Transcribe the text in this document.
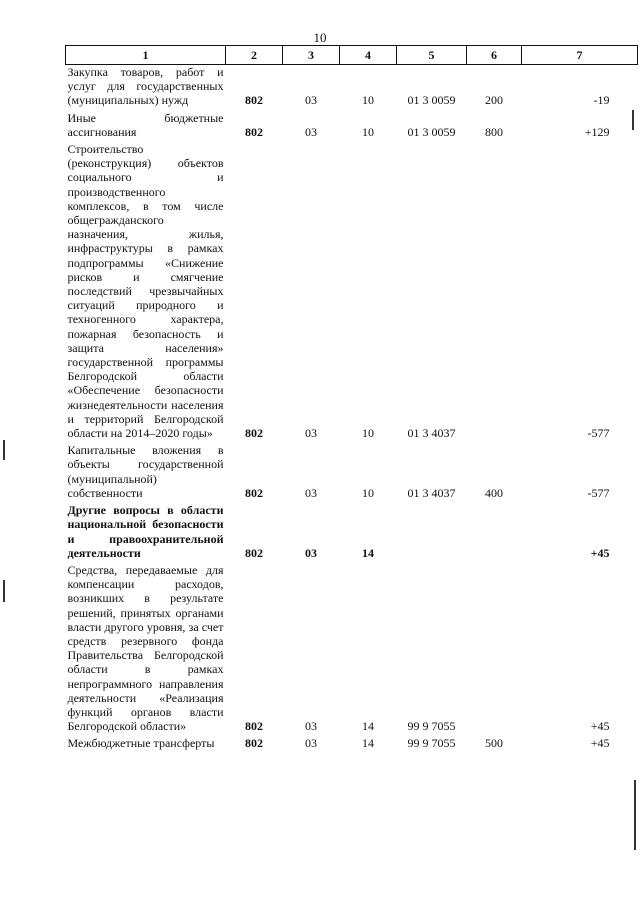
10
1	2	3	4	5	6	7
Закупка товаров, работ и услуг для государственных (муниципальных) нужд	802	03	10	01 3 0059	200	-19
Иные бюджетные ассигнования	802	03	10	01 3 0059	800	+129
Строительство (реконструкция) объектов социального и производственного комплексов, в том числе общегражданского назначения, жилья, инфраструктуры в рамках подпрограммы «Снижение рисков и смягчение последствий чрезвычайных ситуаций природного и техногенного характера, пожарная безопасность и защита населения» государственной программы Белгородской области «Обеспечение безопасности жизнедеятельности населения и территорий Белгородской области на 2014–2020 годы»	802	03	10	01 3 4037		-577
Капитальные вложения в объекты государственной (муниципальной) собственности	802	03	10	01 3 4037	400	-577
Другие вопросы в области национальной безопасности и правоохранительной деятельности	802	03	14			+45
Средства, передаваемые для компенсации расходов, возникших в результате решений, принятых органами власти другого уровня, за счет средств резервного фонда Правительства Белгородской области в рамках непрограммного направления деятельности «Реализация функций органов власти Белгородской области»	802	03	14	99 9 7055		+45
Межбюджетные трансферты	802	03	14	99 9 7055	500	+45
